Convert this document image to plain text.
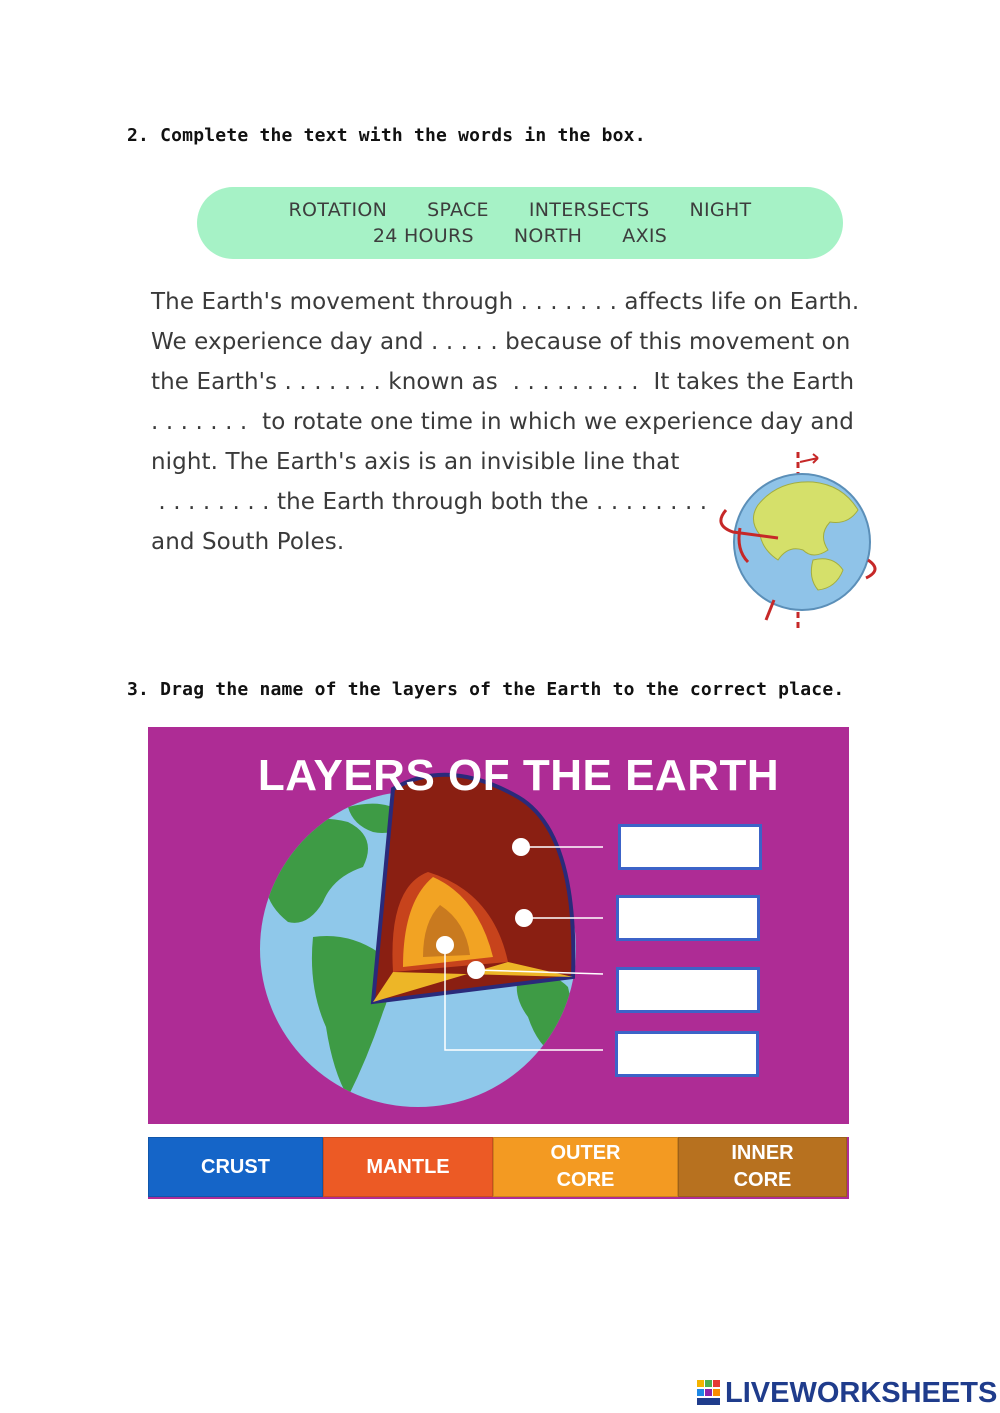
2. Complete the text with the words in the box.
ROTATION SPACE INTERSECTS NIGHT
24 HOURS NORTH AXIS
The Earth's movement through . . . . . . . affects life on Earth.
We experience day and . . . . . because of this movement on
the Earth's . . . . . . . known as  . . . . . . . . .  It takes the Earth
. . . . . . .  to rotate one time in which we experience day and
night. The Earth's axis is an invisible line that
. . . . . . . . the Earth through both the . . . . . . . .
and South Poles.
3. Drag the name of the layers of the Earth to the correct place.
LAYERS OF THE EARTH
CRUST	MANTLE
OUTER
CORE
INNER
CORE
LIVEWORKSHEETS
